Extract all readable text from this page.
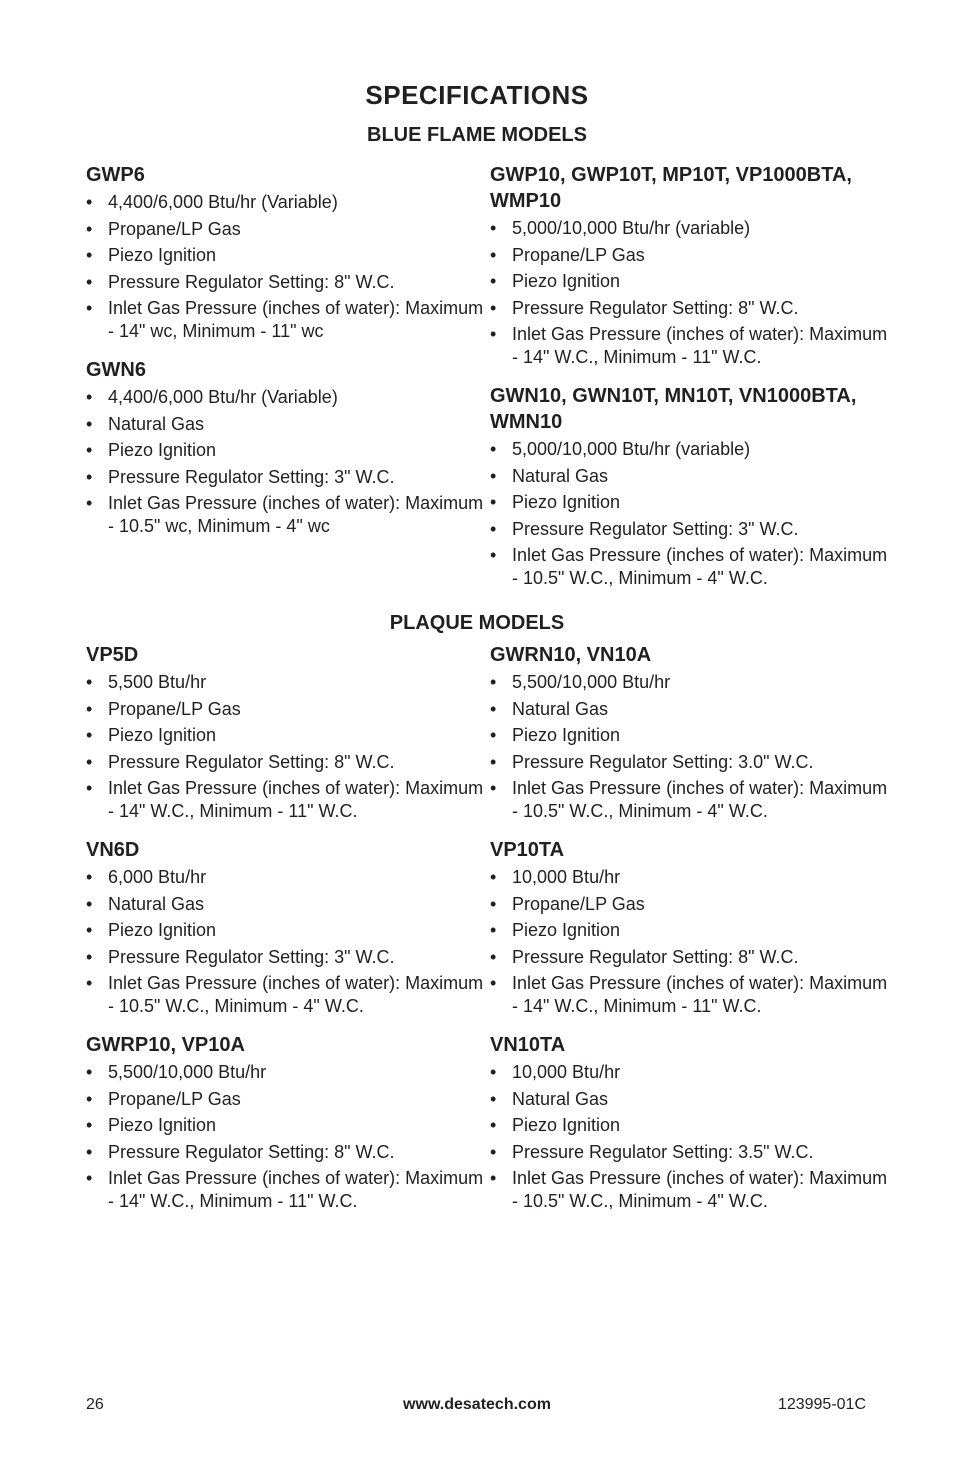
SPECIFICATIONS
BLUE FLAME MODELS
GWP6
• 4,400/6,000 Btu/hr (Variable)
• Propane/LP Gas
• Piezo Ignition
• Pressure Regulator Setting: 8" W.C.
• Inlet Gas Pressure (inches of water): Maximum - 14" wc, Minimum - 11" wc
GWN6
• 4,400/6,000 Btu/hr (Variable)
• Natural Gas
• Piezo Ignition
• Pressure Regulator Setting: 3" W.C.
• Inlet Gas Pressure (inches of water): Maximum - 10.5" wc, Minimum - 4" wc
GWP10, GWP10T, MP10T, VP1000BTA, WMP10
• 5,000/10,000 Btu/hr (variable)
• Propane/LP Gas
• Piezo Ignition
• Pressure Regulator Setting: 8" W.C.
• Inlet Gas Pressure (inches of water): Maximum - 14" W.C., Minimum - 11" W.C.
GWN10, GWN10T, MN10T, VN1000BTA, WMN10
• 5,000/10,000 Btu/hr (variable)
• Natural Gas
• Piezo Ignition
• Pressure Regulator Setting: 3" W.C.
• Inlet Gas Pressure (inches of water): Maximum - 10.5" W.C., Minimum - 4" W.C.
PLAQUE MODELS
VP5D
• 5,500 Btu/hr
• Propane/LP Gas
• Piezo Ignition
• Pressure Regulator Setting: 8" W.C.
• Inlet Gas Pressure (inches of water): Maximum - 14" W.C., Minimum - 11" W.C.
VN6D
• 6,000 Btu/hr
• Natural Gas
• Piezo Ignition
• Pressure Regulator Setting: 3" W.C.
• Inlet Gas Pressure (inches of water): Maximum - 10.5" W.C., Minimum - 4" W.C.
GWRP10, VP10A
• 5,500/10,000 Btu/hr
• Propane/LP Gas
• Piezo Ignition
• Pressure Regulator Setting: 8" W.C.
• Inlet Gas Pressure (inches of water): Maximum - 14" W.C., Minimum - 11" W.C.
GWRN10, VN10A
• 5,500/10,000 Btu/hr
• Natural Gas
• Piezo Ignition
• Pressure Regulator Setting: 3.0" W.C.
• Inlet Gas Pressure (inches of water): Maximum - 10.5" W.C., Minimum - 4" W.C.
VP10TA
• 10,000 Btu/hr
• Propane/LP Gas
• Piezo Ignition
• Pressure Regulator Setting: 8" W.C.
• Inlet Gas Pressure (inches of water): Maximum - 14" W.C., Minimum - 11" W.C.
VN10TA
• 10,000 Btu/hr
• Natural Gas
• Piezo Ignition
• Pressure Regulator Setting: 3.5" W.C.
• Inlet Gas Pressure (inches of water): Maximum - 10.5" W.C., Minimum - 4" W.C.
26	www.desatech.com	123995-01C
